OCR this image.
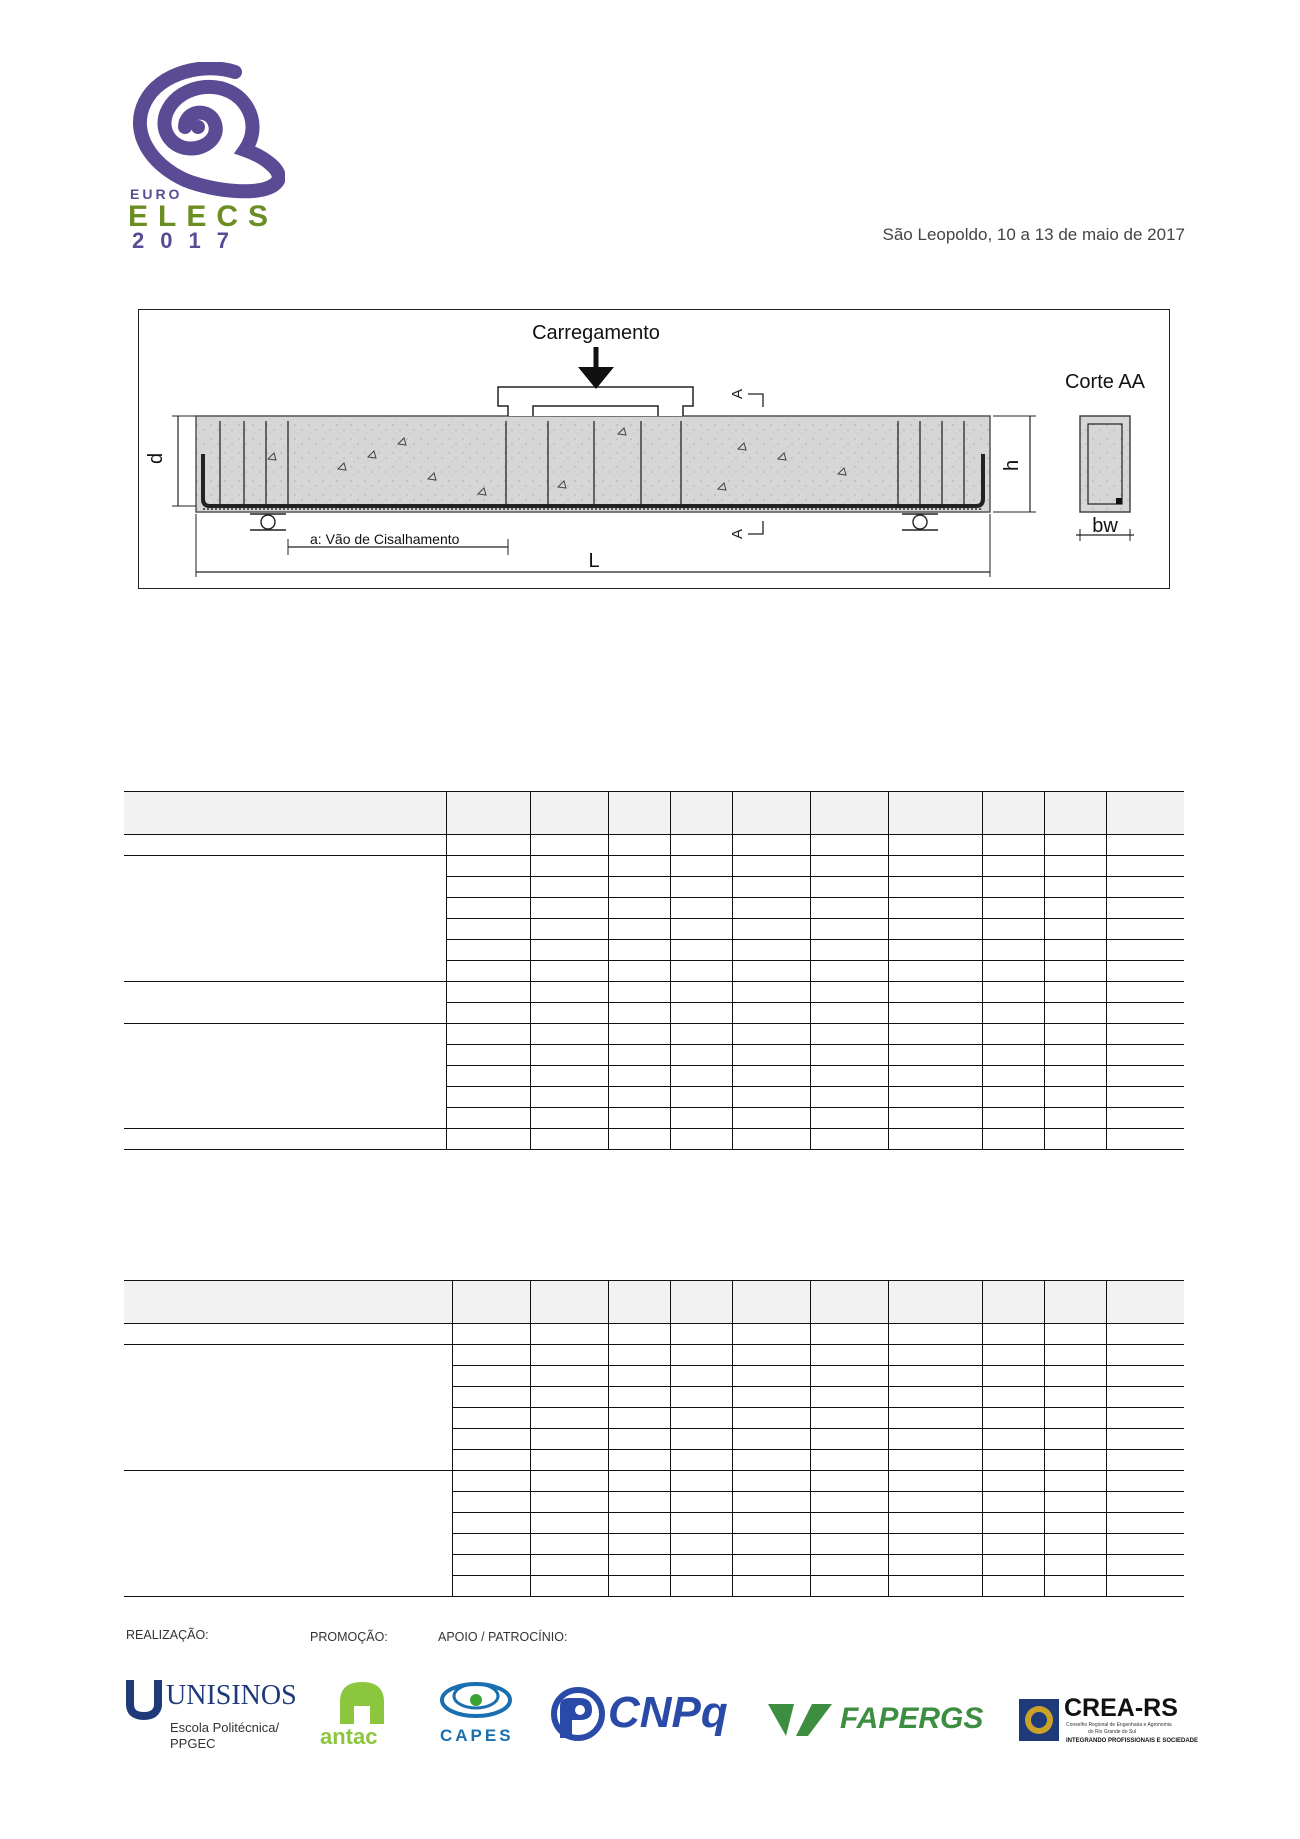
EURO
ELECS
2017	São Leopoldo, 10 a 13 de maio de 2017
Carregamento
A
A
d
h
a: Vão de Cisalhamento
L
Corte AA
bw

REALIZAÇÃO:	PROMOÇÃO:	APOIO / PATROCÍNIO:
UNISINOS
Escola Politécnica/
PPGEC	antac	CAPES CNPq	FAPERGS	CREA-RS
Conselho Regional de Engenharia e Agronomia
do Rio Grande do Sul
INTEGRANDO PROFISSIONAIS E SOCIEDADE
